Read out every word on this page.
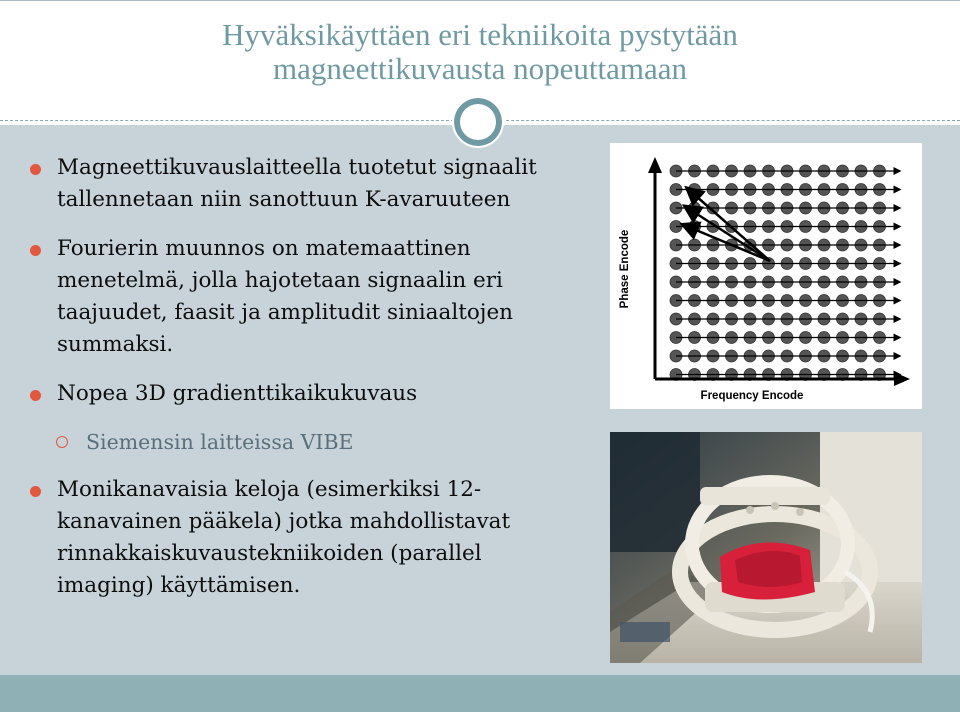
Hyväksikäyttäen eri tekniikoita pystytään
magneettikuvausta nopeuttamaan
Magneettikuvauslaitteella tuotetut signaalit tallennetaan niin sanottuun K-avaruuteen
Fourierin muunnos on matemaattinen menetelmä, jolla hajotetaan signaalin eri taajuudet, faasit ja amplitudit siniaaltojen summaksi.
Nopea 3D gradienttikaikukuvaus
Siemensin laitteissa VIBE
Monikanavaisia keloja (esimerkiksi 12-kanavainen pääkela) jotka mahdollistavat rinnakkaiskuvaustekniikoiden (parallel imaging) käyttämisen.
Phase Encode
Frequency Encode
